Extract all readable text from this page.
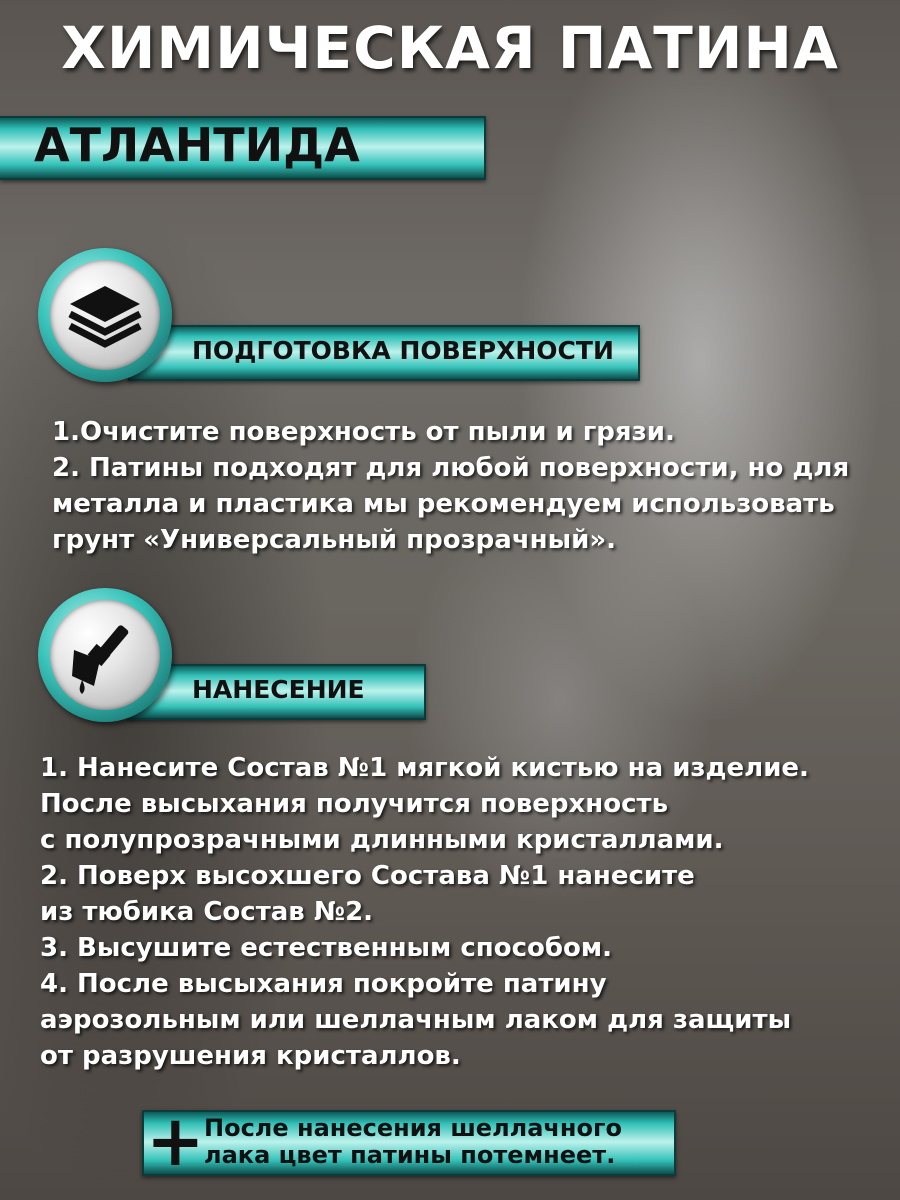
ХИМИЧЕСКАЯ ПАТИНА
АТЛАНТИДА
ПОДГОТОВКА ПОВЕРХНОСТИ
1.Очистите поверхность от пыли и грязи.
2. Патины подходят для любой поверхности, но для
металла и пластика мы рекомендуем использовать
грунт «Универсальный прозрачный».
НАНЕСЕНИЕ
1. Нанесите Состав №1 мягкой кистью на изделие.
После высыхания получится поверхность
с полупрозрачными длинными кристаллами.
2. Поверх высохшего Состава №1 нанесите
из тюбика Состав №2.
3. Высушите естественным способом.
4. После высыхания покройте патину
аэрозольным или шеллачным лаком для защиты
от разрушения кристаллов.
+ После нанесения шеллачного
лака цвет патины потемнеет.
